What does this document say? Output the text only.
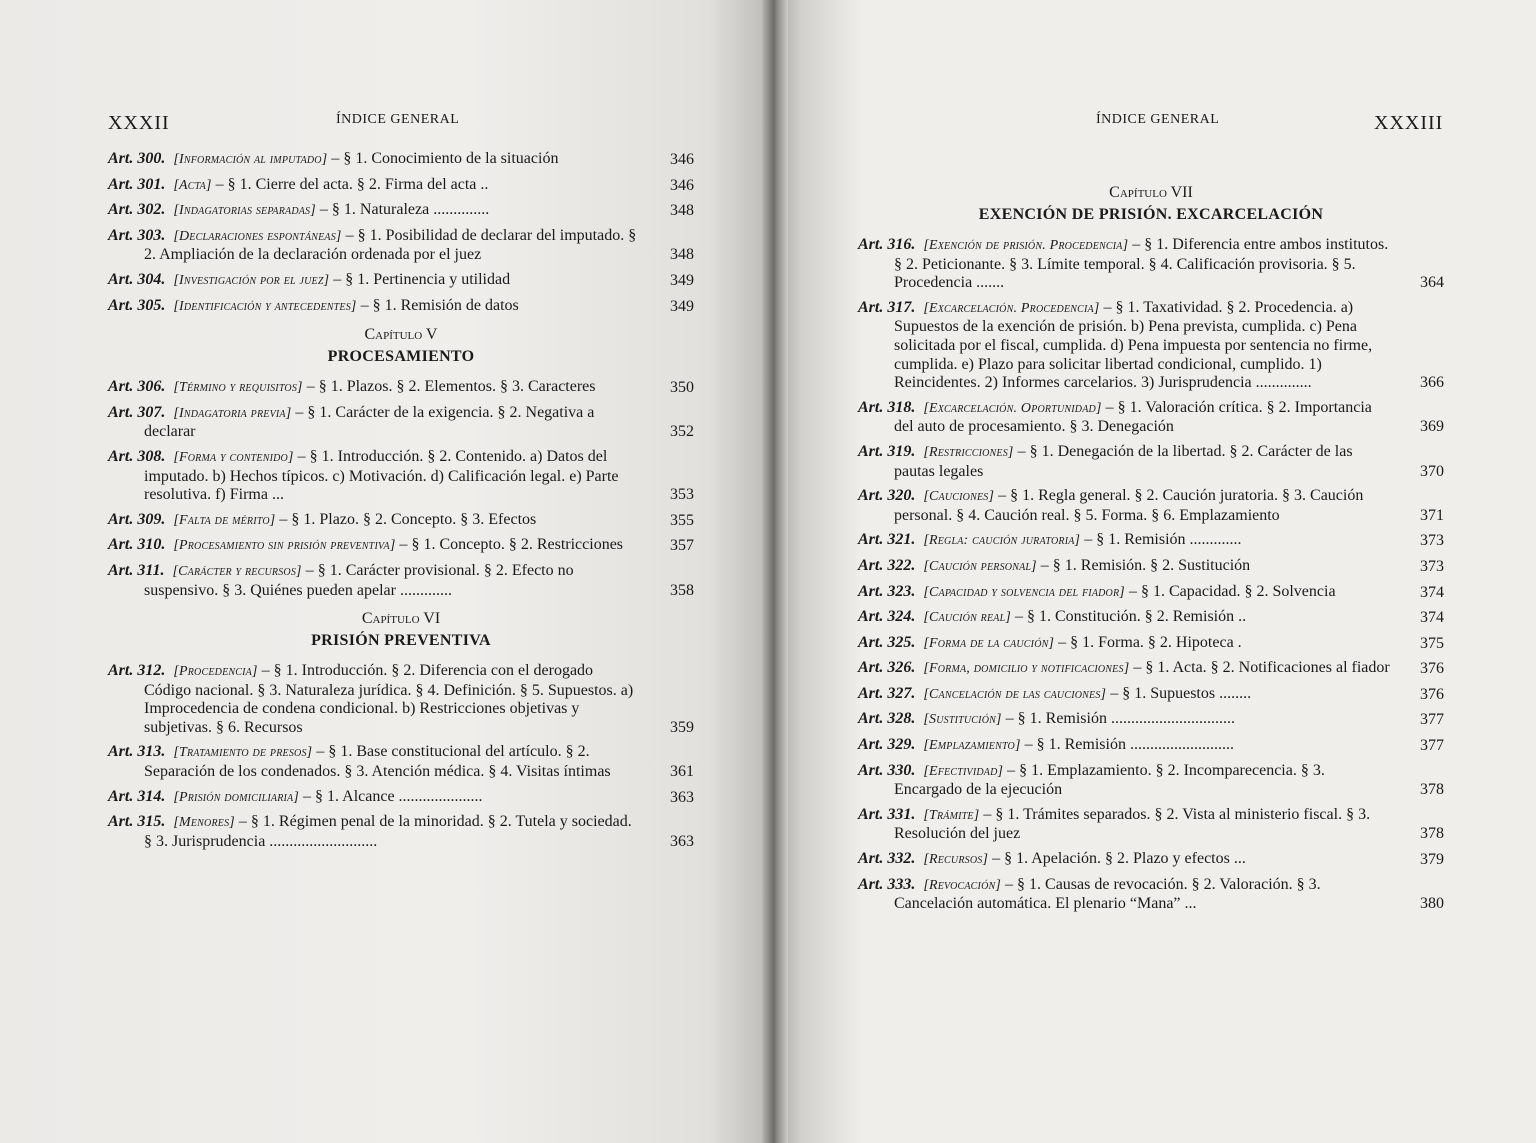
XXXII	ÍNDICE GENERAL
Art. 300. [Información al imputado] – § 1. Conocimiento de la situación	346
Art. 301. [Acta] – § 1. Cierre del acta. § 2. Firma del acta ..	346
Art. 302. [Indagatorias separadas] – § 1. Naturaleza ..............	348
Art. 303. [Declaraciones espontáneas] – § 1. Posibilidad de declarar del imputado. § 2. Ampliación de la declaración ordenada por el juez	348
Art. 304. [Investigación por el juez] – § 1. Pertinencia y utilidad	349
Art. 305. [Identificación y antecedentes] – § 1. Remisión de datos	349
Capítulo V
PROCESAMIENTO
Art. 306. [Término y requisitos] – § 1. Plazos. § 2. Elementos. § 3. Caracteres	350
Art. 307. [Indagatoria previa] – § 1. Carácter de la exigencia. § 2. Negativa a declarar	352
Art. 308. [Forma y contenido] – § 1. Introducción. § 2. Contenido. a) Datos del imputado. b) Hechos típicos. c) Motivación. d) Calificación legal. e) Parte resolutiva. f) Firma ...	353
Art. 309. [Falta de mérito] – § 1. Plazo. § 2. Concepto. § 3. Efectos	355
Art. 310. [Procesamiento sin prisión preventiva] – § 1. Concepto. § 2. Restricciones	357
Art. 311. [Carácter y recursos] – § 1. Carácter provisional. § 2. Efecto no suspensivo. § 3. Quiénes pueden apelar .............	358
Capítulo VI
PRISIÓN PREVENTIVA
Art. 312. [Procedencia] – § 1. Introducción. § 2. Diferencia con el derogado Código nacional. § 3. Naturaleza jurídica. § 4. Definición. § 5. Supuestos. a) Improcedencia de condena condicional. b) Restricciones objetivas y subjetivas. § 6. Recursos	359
Art. 313. [Tratamiento de presos] – § 1. Base constitucional del artículo. § 2. Separación de los condenados. § 3. Atención médica. § 4. Visitas íntimas	361
Art. 314. [Prisión domiciliaria] – § 1. Alcance .....................	363
Art. 315. [Menores] – § 1. Régimen penal de la minoridad. § 2. Tutela y sociedad. § 3. Jurisprudencia ...........................	363
ÍNDICE GENERAL	XXXIII
Capítulo VII
EXENCIÓN DE PRISIÓN. EXCARCELACIÓN
Art. 316. [Exención de prisión. Procedencia] – § 1. Diferencia entre ambos institutos. § 2. Peticionante. § 3. Límite temporal. § 4. Calificación provisoria. § 5. Procedencia .......	364
Art. 317. [Excarcelación. Procedencia] – § 1. Taxatividad. § 2. Procedencia. a) Supuestos de la exención de prisión. b) Pena prevista, cumplida. c) Pena solicitada por el fiscal, cumplida. d) Pena impuesta por sentencia no firme, cumplida. e) Plazo para solicitar libertad condicional, cumplido. 1) Reincidentes. 2) Informes carcelarios. 3) Jurisprudencia ..............	366
Art. 318. [Excarcelación. Oportunidad] – § 1. Valoración crítica. § 2. Importancia del auto de procesamiento. § 3. Denegación	369
Art. 319. [Restricciones] – § 1. Denegación de la libertad. § 2. Carácter de las pautas legales	370
Art. 320. [Cauciones] – § 1. Regla general. § 2. Caución juratoria. § 3. Caución personal. § 4. Caución real. § 5. Forma. § 6. Emplazamiento	371
Art. 321. [Regla: caución juratoria] – § 1. Remisión .............	373
Art. 322. [Caución personal] – § 1. Remisión. § 2. Sustitución	373
Art. 323. [Capacidad y solvencia del fiador] – § 1. Capacidad. § 2. Solvencia	374
Art. 324. [Caución real] – § 1. Constitución. § 2. Remisión ..	374
Art. 325. [Forma de la caución] – § 1. Forma. § 2. Hipoteca .	375
Art. 326. [Forma, domicilio y notificaciones] – § 1. Acta. § 2. Notificaciones al fiador	376
Art. 327. [Cancelación de las cauciones] – § 1. Supuestos ........	376
Art. 328. [Sustitución] – § 1. Remisión ...............................	377
Art. 329. [Emplazamiento] – § 1. Remisión ..........................	377
Art. 330. [Efectividad] – § 1. Emplazamiento. § 2. Incomparecencia. § 3. Encargado de la ejecución	378
Art. 331. [Trámite] – § 1. Trámites separados. § 2. Vista al ministerio fiscal. § 3. Resolución del juez	378
Art. 332. [Recursos] – § 1. Apelación. § 2. Plazo y efectos ...	379
Art. 333. [Revocación] – § 1. Causas de revocación. § 2. Valoración. § 3. Cancelación automática. El plenario “Mana” ...	380
